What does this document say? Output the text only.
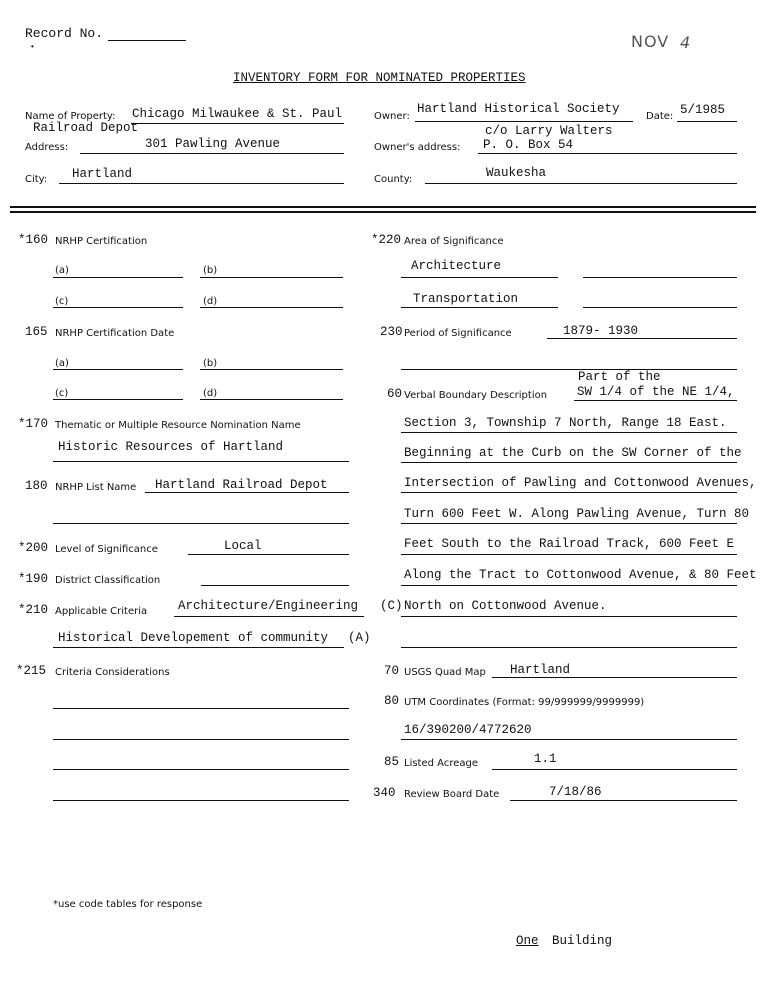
Record No.
•	NOV 4
INVENTORY FORM FOR NOMINATED PROPERTIES
Name of Property: Chicago Milwaukee & St. Paul
Railroad Depot
Address:	301 Pawling Avenue
City: Hartland
Owner:
Hartland Historical Society
Date: 5/1985
c/o Larry Walters
Owner's address: P. O. Box 54
County:	Waukesha
*160 NRHP Certification
(a)	(b)
(c)	(d)
165 NRHP Certification Date
(a)	(b)
(c)	(d)
*170 Thematic or Multiple Resource Nomination Name
Historic Resources of Hartland
180 NRHP List Name Hartland Railroad Depot
*200 Level of Significance	Local
*190 District Classification
*210 Applicable Criteria Architecture/Engineering (C)
Historical Developement of community (A)
*215 Criteria Considerations
*use code tables for response
*220 Area of Significance
Architecture
Transportation
230 Period of Significance	1879- 1930
60 Verbal Boundary Description
Part of the
SW 1/4 of the NE 1/4,
Section 3, Township 7 North, Range 18 East.
Beginning at the Curb on the SW Corner of the
Intersection of Pawling and Cottonwood Avenues,
Turn 600 Feet W. Along Pawling Avenue, Turn 80
Feet South to the Railroad Track, 600 Feet E
Along the Tract to Cottonwood Avenue, & 80 Feet
North on Cottonwood Avenue.
70 USGS Quad Map Hartland
80 UTM Coordinates (Format: 99/999999/9999999)
16/390200/4772620
85 Listed Acreage	1.1
340 Review Board Date	7/18/86
One Building
